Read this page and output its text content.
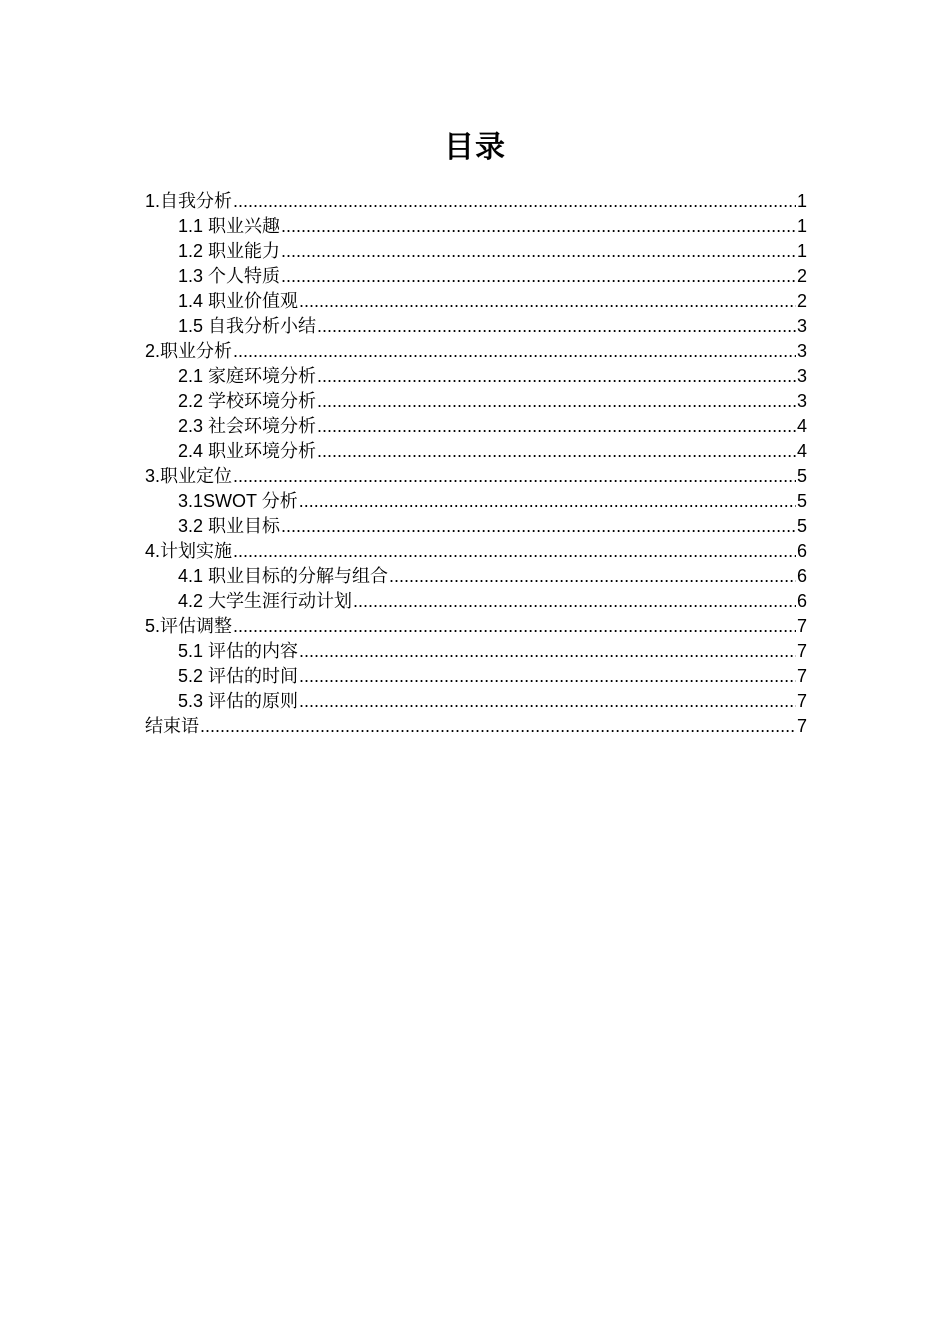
目录
1.自我分析 .....	1
1.1 职业兴趣 .....	1
1.2 职业能力 .....	1
1.3 个人特质 .....	2
1.4 职业价值观 .....	2
1.5 自我分析小结 .....	3
2.职业分析 .....	3
2.1 家庭环境分析 .....	3
2.2 学校环境分析 .....	3
2.3 社会环境分析 .....	4
2.4 职业环境分析 .....	4
3.职业定位 .....	5
3.1SWOT 分析 .....	5
3.2 职业目标 .....	5
4.计划实施 .....	6
4.1 职业目标的分解与组合 .....	6
4.2 大学生涯行动计划 .....	6
5.评估调整 .....	7
5.1 评估的内容 .....	7
5.2 评估的时间 .....	7
5.3 评估的原则 .....	7
结束语 .....	7
